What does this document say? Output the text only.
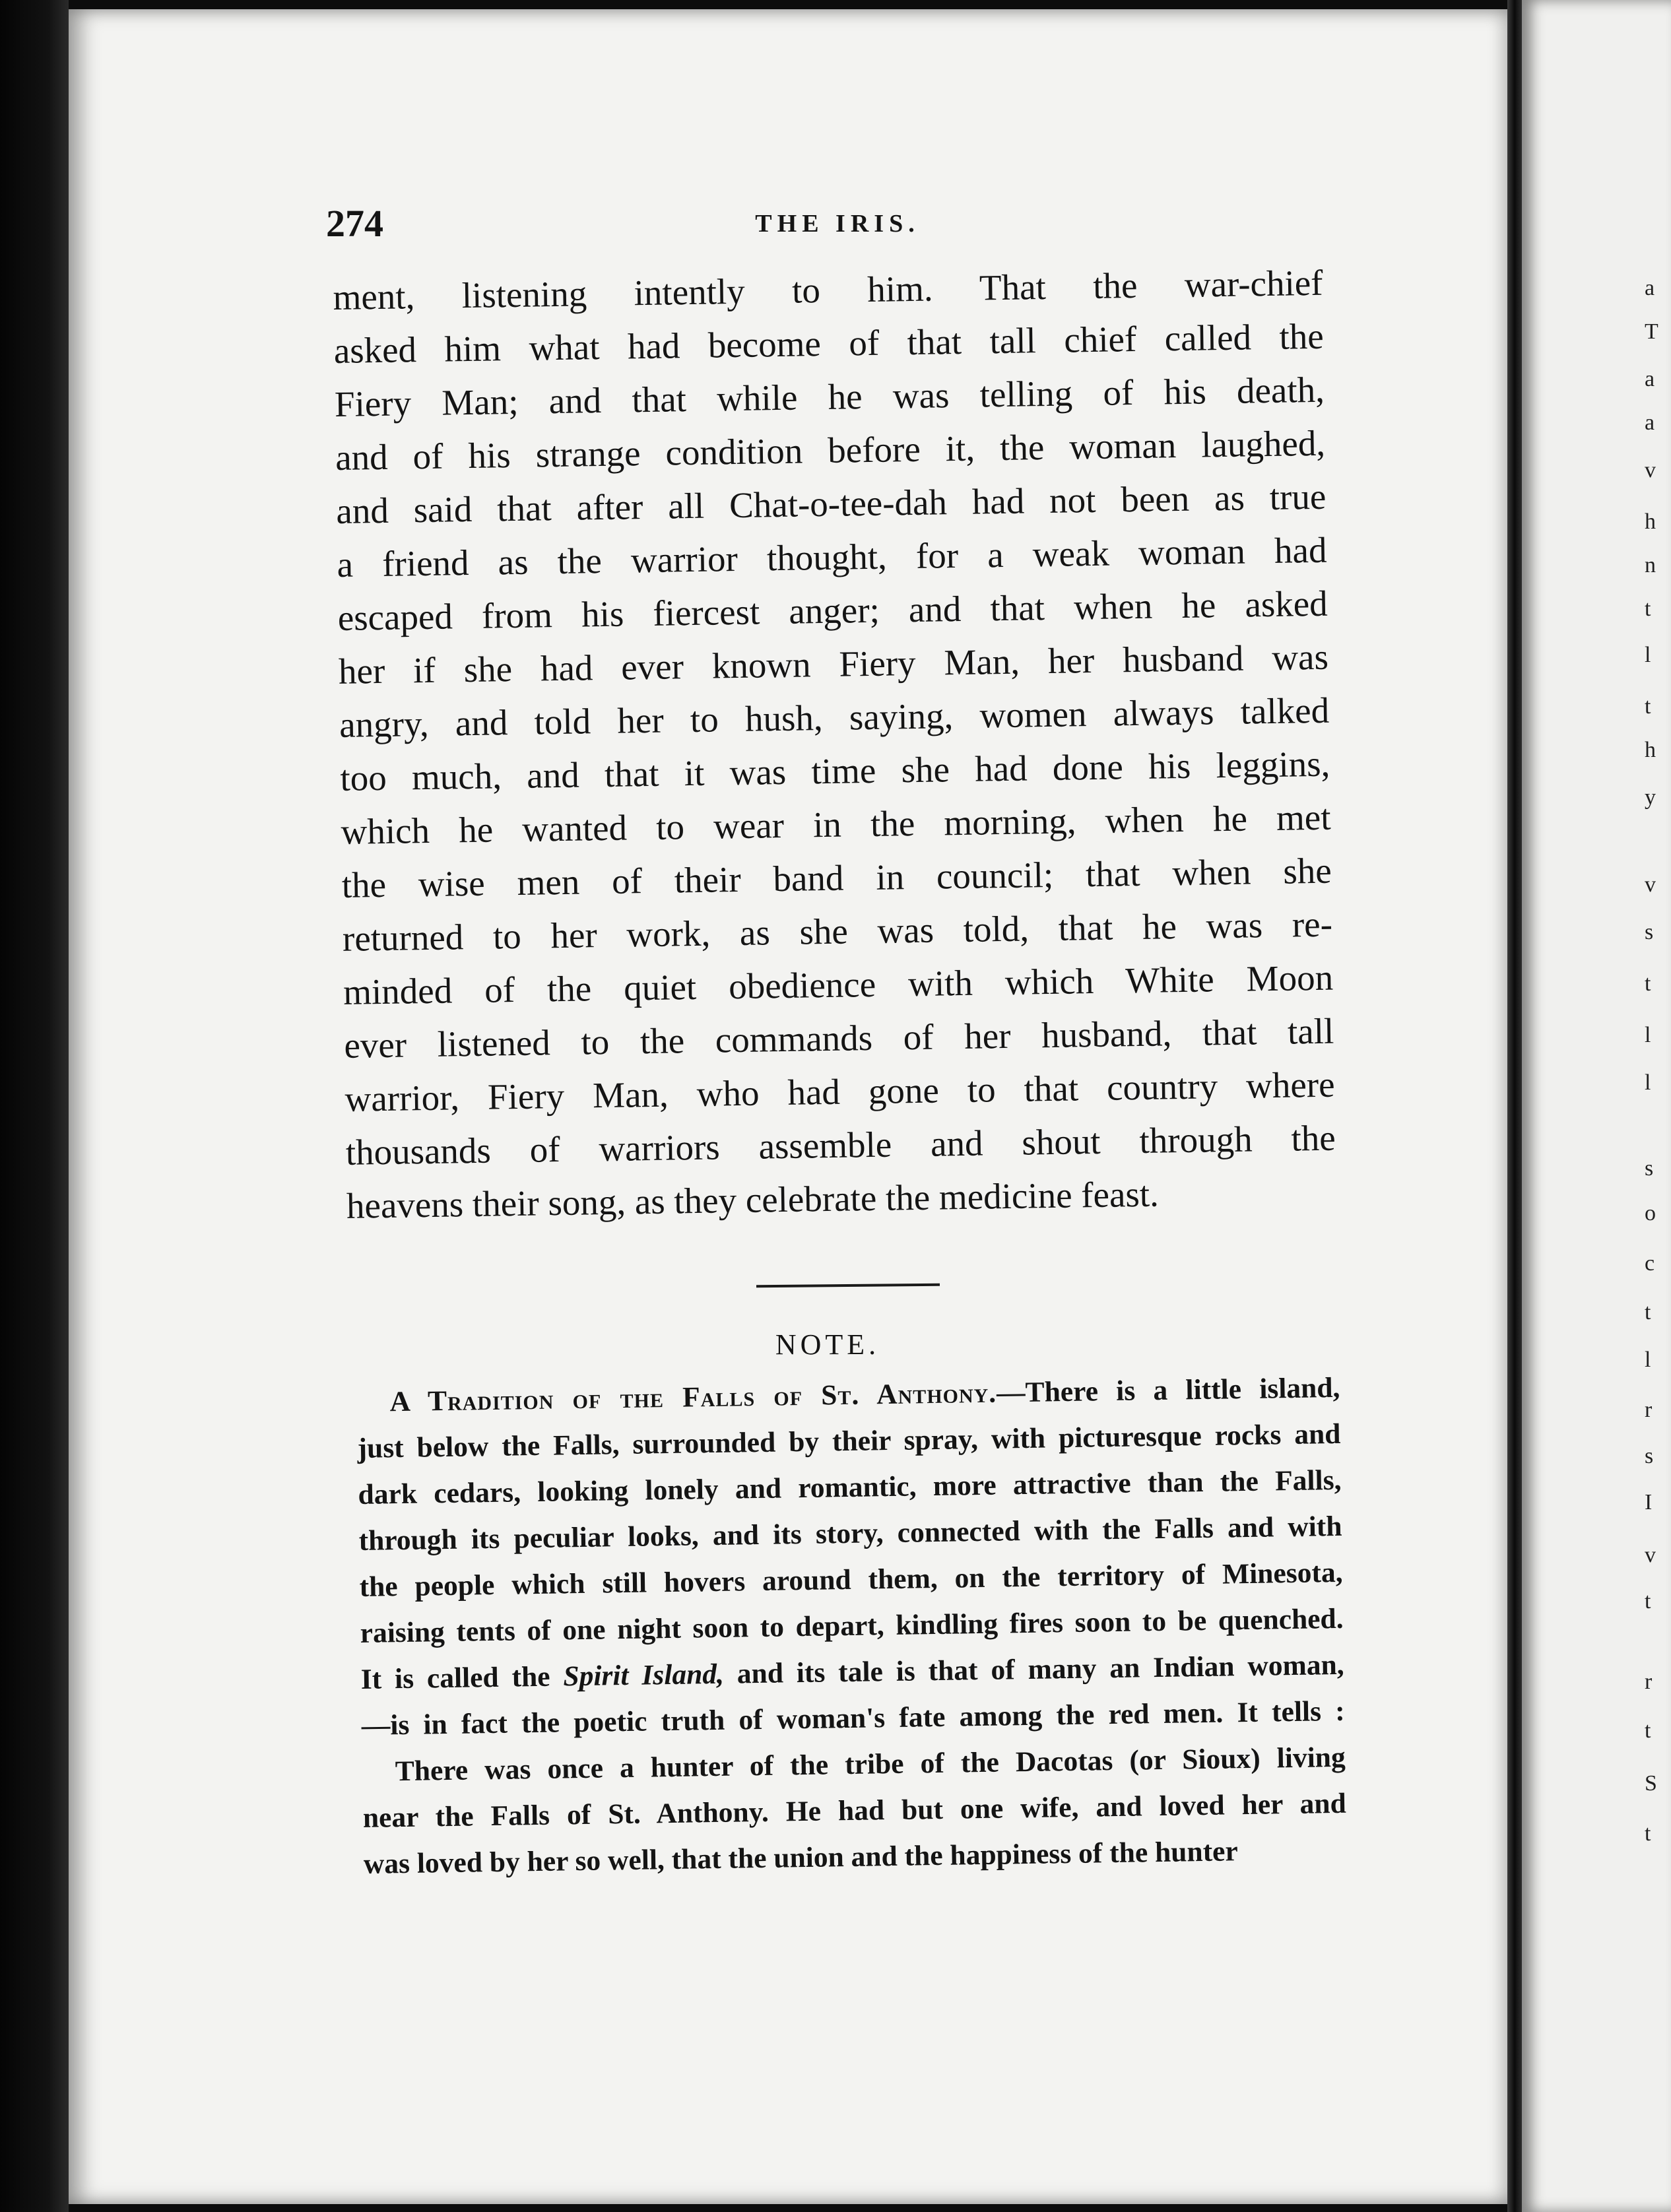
a
T
a
a
v
h
n
t
l
t
h
y
v
s
t
l
l
s
o
c
t
l
r
s
I
v
t
r
t
S
t
274	THE IRIS.
ment, listening intently to him. That the war-chief
asked him what had become of that tall chief called the
Fiery Man; and that while he was telling of his death,
and of his strange condition before it, the woman laughed,
and said that after all Chat-o-tee-dah had not been as true
a friend as the warrior thought, for a weak woman had
escaped from his fiercest anger; and that when he asked
her if she had ever known Fiery Man, her husband was
angry, and told her to hush, saying, women always talked
too much, and that it was time she had done his leggins,
which he wanted to wear in the morning, when he met
the wise men of their band in council; that when she
returned to her work, as she was told, that he was re-
minded of the quiet obedience with which White Moon
ever listened to the commands of her husband, that tall
warrior, Fiery Man, who had gone to that country where
thousands of warriors assemble and shout through the
heavens their song, as they celebrate the medicine feast.
NOTE.
A Tradition of the Falls of St. Anthony.—There is a little island,
just below the Falls, surrounded by their spray, with picturesque rocks and
dark cedars, looking lonely and romantic, more attractive than the Falls,
through its peculiar looks, and its story, connected with the Falls and with
the people which still hovers around them, on the territory of Minesota,
raising tents of one night soon to depart, kindling fires soon to be quenched.
It is called the Spirit Island, and its tale is that of many an Indian woman,
—is in fact the poetic truth of woman's fate among the red men. It tells :
There was once a hunter of the tribe of the Dacotas (or Sioux) living
near the Falls of St. Anthony. He had but one wife, and loved her and
was loved by her so well, that the union and the happiness of the hunter
